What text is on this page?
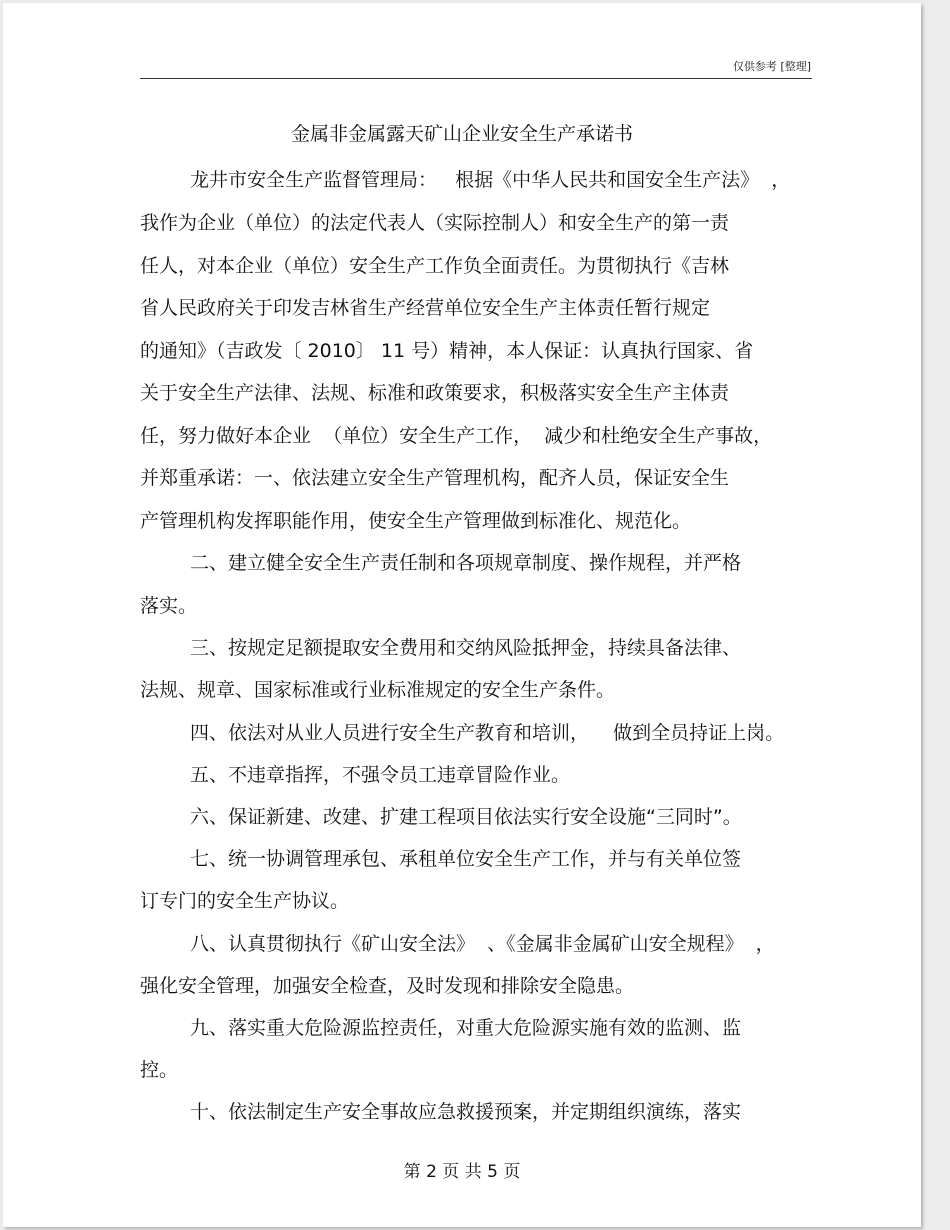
仅供参考 [整理]
金属非金属露天矿山企业安全生产承诺书
龙井市安全生产监督管理局：   根据《中华人民共和国安全生产法》  ，
我作为企业（单位）的法定代表人（实际控制人）和安全生产的第一责
任人，对本企业（单位）安全生产工作负全面责任。为贯彻执行《吉林
省人民政府关于印发吉林省生产经营单位安全生产主体责任暂行规定
的通知》（吉政发〔 2010〕 11 号）精神，本人保证：认真执行国家、省
关于安全生产法律、法规、标准和政策要求，积极落实安全生产主体责
任，努力做好本企业  （单位）安全生产工作，  减少和杜绝安全生产事故，
并郑重承诺：一、依法建立安全生产管理机构，配齐人员，保证安全生
产管理机构发挥职能作用，使安全生产管理做到标准化、规范化。
二、建立健全安全生产责任制和各项规章制度、操作规程，并严格
落实。
三、按规定足额提取安全费用和交纳风险抵押金，持续具备法律、
法规、规章、国家标准或行业标准规定的安全生产条件。
四、依法对从业人员进行安全生产教育和培训，    做到全员持证上岗。
五、不违章指挥，不强令员工违章冒险作业。
六、保证新建、改建、扩建工程项目依法实行安全设施“三同时”。
七、统一协调管理承包、承租单位安全生产工作，并与有关单位签
订专门的安全生产协议。
八、认真贯彻执行《矿山安全法》  、《金属非金属矿山安全规程》  ，
强化安全管理，加强安全检查，及时发现和排除安全隐患。
九、落实重大危险源监控责任，对重大危险源实施有效的监测、监
控。
十、依法制定生产安全事故应急救援预案，并定期组织演练，落实
第 2 页 共 5 页
